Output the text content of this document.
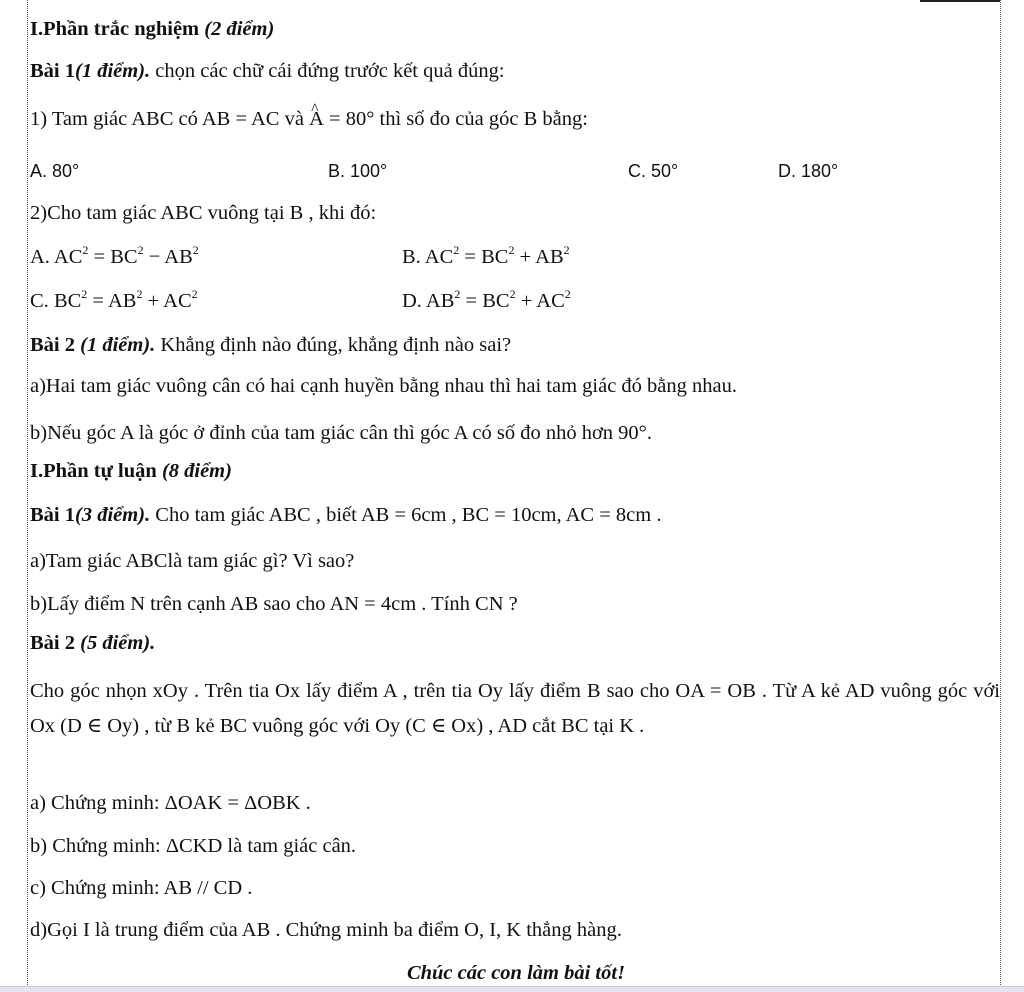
I.Phần trắc nghiệm (2 điểm)
Bài 1(1 điểm). chọn các chữ cái đứng trước kết quả đúng:
1) Tam giác ABC có AB = AC và ^ A = 80° thì số đo của góc B bằng:
A. 80°	B. 100°	C. 50°	D. 180°
2)Cho tam giác ABC vuông tại B , khi đó:
A. $AC^2 = BC^2 - AB^2$	B. $AC^2 = BC^2 + AB^2$
C. $BC^2 = AB^2 + AC^2$	D. $AB^2 = BC^2 + AC^2$
Bài 2 (1 điểm). Khẳng định nào đúng, khẳng định nào sai?
a)Hai tam giác vuông cân có hai cạnh huyền bằng nhau thì hai tam giác đó bằng nhau.
b)Nếu góc A là góc ở đỉnh của tam giác cân thì góc A có số đo nhỏ hơn 90°.
I.Phần tự luận (8 điểm)
Bài 1(3 điểm). Cho tam giác ABC , biết AB = 6cm , BC = 10cm, AC = 8cm .
a)Tam giác ABClà tam giác gì? Vì sao?
b)Lấy điểm N trên cạnh AB sao cho AN = 4cm . Tính CN ?
Bài 2 (5 điểm).
Cho góc nhọn xOy . Trên tia Ox lấy điểm A , trên tia Oy lấy điểm B sao cho OA = OB . Từ A kẻ AD vuông góc với Ox (D ∈ Oy) , từ B kẻ BC vuông góc với Oy (C ∈ Ox) , AD cắt BC tại K .
a) Chứng minh: ΔOAK = ΔOBK .
b) Chứng minh: ΔCKD là tam giác cân.
c) Chứng minh: AB // CD .
d)Gọi I là trung điểm của AB . Chứng minh ba điểm O, I, K thẳng hàng.
Chúc các con làm bài tốt!
